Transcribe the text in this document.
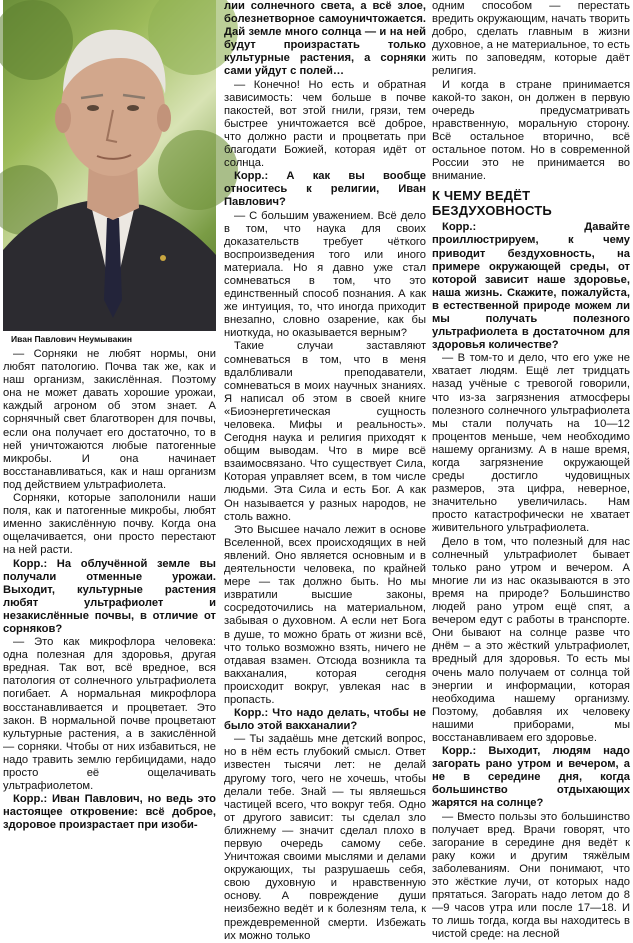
Иван Павлович Неумывакин

— Сорняки не любят нормы, они любят патологию. Почва так же, как и наш организм, закислённая. Поэтому она не может давать хорошие урожаи, каждый агроном об этом знает. А сорнячный свет благотворен для почвы, если она получает его достаточно, то в ней уничтожаются любые патогенные микробы. И она начинает восстанавливаться, как и наш организм под действием ультрафиолета.

Сорняки, которые заполонили наши поля, как и патогенные микробы, любят именно закислённую почву. Когда она ощелачивается, они просто перестают на ней расти.

Корр.: На облучённой земле вы получали отменные урожаи. Выходит, культурные растения любят ультрафиолет и незакислённые почвы, в отличие от сорняков?

— Это как микрофлора человека: одна полезная для здоровья, другая вредная. Так вот, всё вредное, вся патология от солнечного ультрафиолета погибает. А нормальная микрофлора восстанавливается и процветает. Это закон. В нормальной почве процветают культурные растения, а в закислённой — сорняки. Чтобы от них избавиться, не надо травить землю гербицидами, надо просто её ощелачивать ультрафиолетом.

Корр.: Иван Павлович, но ведь это настоящее откровение: всё доброе, здоровое произрастает при изоби-

лии солнечного света, а всё злое, болезнетворное самоуничтожается. Дай земле много солнца — и на ней будут произрастать только культурные растения, а сорняки сами уйдут с полей…

— Конечно! Но есть и обратная зависимость: чем больше в почве пакостей, вот этой гнили, грязи, тем быстрее уничтожается всё доброе, что должно расти и процветать при благодати Божией, которая идёт от солнца.

Корр.: А как вы вообще относитесь к религии, Иван Павлович?

— С большим уважением. Всё дело в том, что наука для своих доказательств требует чёткого воспроизведения того или иного материала. Но я давно уже стал сомневаться в том, что это единственный способ познания. А как же интуиция, то, что иногда приходит внезапно, словно озарение, как бы ниоткуда, но оказывается верным?

Такие случаи заставляют сомневаться в том, что в меня вдалбливали преподаватели, сомневаться в моих научных знаниях. Я написал об этом в своей книге «Биоэнергетическая сущность человека. Мифы и реальность». Сегодня наука и религия приходят к общим выводам. Что в мире всё взаимосвязано. Что существует Сила, Которая управляет всем, в том числе людьми. Эта Сила и есть Бог. А как Он называется у разных народов, не столь важно.

Это Высшее начало лежит в основе Вселенной, всех происходящих в ней явлений. Оно является основным и в деятельности человека, по крайней мере — так должно быть. Но мы извратили высшие законы, сосредоточились на материальном, забывая о духовном. А если нет Бога в душе, то можно брать от жизни всё, что только возможно взять, ничего не отдавая взамен. Отсюда возникла та вакханалия, которая сегодня происходит вокруг, увлекая нас в пропасть.

Корр.: Что надо делать, чтобы не было этой вакханалии?

— Ты задаёшь мне детский вопрос, но в нём есть глубокий смысл. Ответ известен тысячи лет: не делай другому того, чего не хочешь, чтобы делали тебе. Знай — ты являешься частицей всего, что вокруг тебя. Одно от другого зависит: ты сделал зло ближнему — значит сделал плохо в первую очередь самому себе. Уничтожая своими мыслями и делами окружающих, ты разрушаешь себя, свою духовную и нравственную основу. А повреждение души неизбежно ведёт и к болезням тела, к преждевременной смерти. Избежать их можно только

одним способом — перестать вредить окружающим, начать творить добро, сделать главным в жизни духовное, а не материальное, то есть жить по заповедям, которые даёт религия.

И когда в стране принимается какой-то закон, он должен в первую очередь предусматривать нравственную, моральную сторону. Всё остальное вторично, всё остальное потом. Но в современной России это не принимается во внимание.

К ЧЕМУ ВЕДЁТ БЕЗДУХОВНОСТЬ

Корр.: Давайте проиллюстрируем, к чему приводит бездуховность, на примере окружающей среды, от которой зависит наше здоровье, наша жизнь. Скажите, пожалуйста, в естественной природе можем ли мы получать полезного ультрафиолета в достаточном для здоровья количестве?

— В том-то и дело, что его уже не хватает людям. Ещё лет тридцать назад учёные с тревогой говорили, что из-за загрязнения атмосферы полезного солнечного ультрафиолета мы стали получать на 10—12 процентов меньше, чем необходимо нашему организму. А в наше время, когда загрязнение окружающей среды достигло чудовищных размеров, эта цифра, неверное, значительно увеличилась. Нам просто катастрофически не хватает живительного ультрафиолета.

Дело в том, что полезный для нас солнечный ультрафиолет бывает только рано утром и вечером. А многие ли из нас оказываются в это время на природе? Большинство людей рано утром ещё спят, а вечером едут с работы в транспорте. Они бывают на солнце разве что днём – а это жёсткий ультрафиолет, вредный для здоровья. То есть мы очень мало получаем от солнца той энергии и информации, которая необходима нашему организму. Поэтому, добавляя их человеку нашими приборами, мы восстанавливаем его здоровье.

Корр.: Выходит, людям надо загорать рано утром и вечером, а не в середине дня, когда большинство отдыхающих жарятся на солнце?

— Вместо пользы это большинство получает вред. Врачи говорят, что загорание в середине дня ведёт к раку кожи и другим тяжёлым заболеваниям. Они понимают, что это жёсткие лучи, от которых надо прятаться. Загорать надо летом до 8—9 часов утра или после 17—18. И то лишь тогда, когда вы находитесь в чистой среде: на лесной
